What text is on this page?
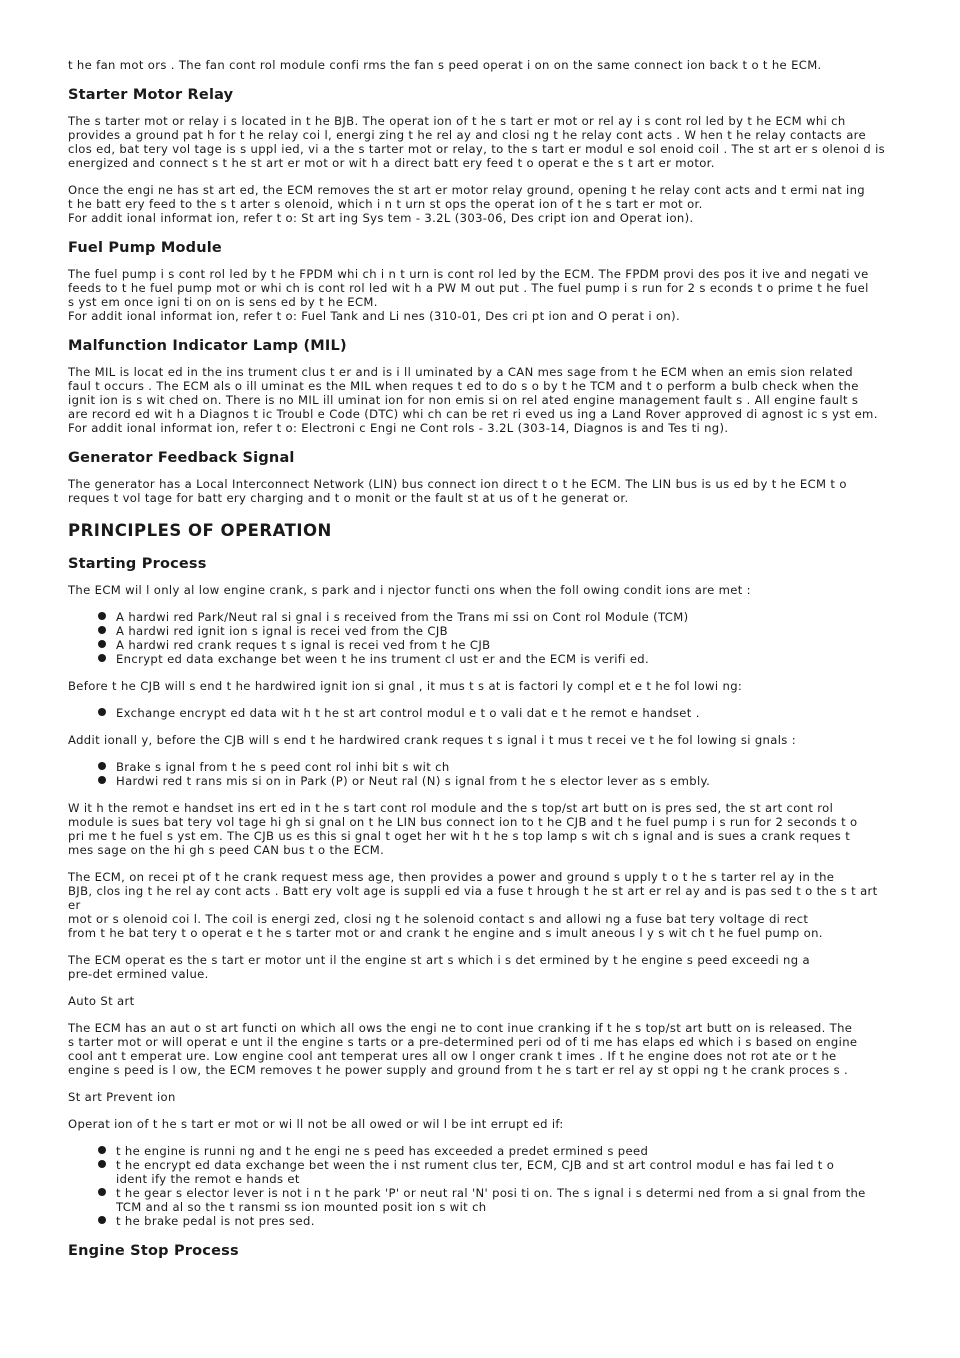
t he fan mot ors . The fan cont rol module confi rms the fan s peed operat i on on the same connect ion back t o t he ECM.

Starter Motor Relay

The s tarter mot or relay i s located in t he BJB. The operat ion of t he s tart er mot or rel ay i s cont rol led by t he ECM whi ch
provides a ground pat h for t he relay coi l, energi zing t he rel ay and closi ng t he relay cont acts . W hen t he relay contacts are
clos ed, bat tery vol tage is s uppl ied, vi a the s tarter mot or relay, to the s tart er modul e sol enoid coil . The st art er s olenoi d is
energized and connect s t he st art er mot or wit h a direct batt ery feed t o operat e the s t art er motor.

Once the engi ne has st art ed, the ECM removes the st art er motor relay ground, opening t he relay cont acts and t ermi nat ing
t he batt ery feed to the s t arter s olenoid, which i n t urn st ops the operat ion of t he s tart er mot or.
For addit ional informat ion, refer t o: St art ing Sys tem - 3.2L (303-06, Des cript ion and Operat ion).

Fuel Pump Module

The fuel pump i s cont rol led by t he FPDM whi ch i n t urn is cont rol led by the ECM. The FPDM provi des pos it ive and negati ve
feeds to t he fuel pump mot or whi ch is cont rol led wit h a PW M out put . The fuel pump i s run for 2 s econds t o prime t he fuel
s yst em once igni ti on on is sens ed by t he ECM.
For addit ional informat ion, refer t o: Fuel Tank and Li nes (310-01, Des cri pt ion and O perat i on).

Malfunction Indicator Lamp (MIL)

The MIL is locat ed in the ins trument clus t er and is i ll uminated by a CAN mes sage from t he ECM when an emis sion related
faul t occurs . The ECM als o ill uminat es the MIL when reques t ed to do s o by t he TCM and t o perform a bulb check when the
ignit ion is s wit ched on. There is no MIL ill uminat ion for non emis si on rel ated engine management fault s . All engine fault s
are record ed wit h a Diagnos t ic Troubl e Code (DTC) whi ch can be ret ri eved us ing a Land Rover approved di agnost ic s yst em.
For addit ional informat ion, refer t o: Electroni c Engi ne Cont rols - 3.2L (303-14, Diagnos is and Tes ti ng).

Generator Feedback Signal

The generator has a Local Interconnect Network (LIN) bus connect ion direct t o t he ECM. The LIN bus is us ed by t he ECM t o
reques t vol tage for batt ery charging and t o monit or the fault st at us of t he generat or.

PRINCIPLES OF OPERATION
Starting Process

The ECM wil l only al low engine crank, s park and i njector functi ons when the foll owing condit ions are met :

A hardwi red Park/Neut ral si gnal i s received from the Trans mi ssi on Cont rol Module (TCM)
A hardwi red ignit ion s ignal is recei ved from the CJB
A hardwi red crank reques t s ignal is recei ved from t he CJB
Encrypt ed data exchange bet ween t he ins trument cl ust er and the ECM is verifi ed.

Before t he CJB will s end t he hardwired ignit ion si gnal , it mus t s at is factori ly compl et e t he fol lowi ng:

Exchange encrypt ed data wit h t he st art control modul e t o vali dat e t he remot e handset .

Addit ionall y, before the CJB will s end t he hardwired crank reques t s ignal i t mus t recei ve t he fol lowing si gnals :

Brake s ignal from t he s peed cont rol inhi bit s wit ch
Hardwi red t rans mis si on in Park (P) or Neut ral (N) s ignal from t he s elector lever as s embly.

W it h the remot e handset ins ert ed in t he s tart cont rol module and the s top/st art butt on is pres sed, the st art cont rol
module is sues bat tery vol tage hi gh si gnal on t he LIN bus connect ion to t he CJB and t he fuel pump i s run for 2 seconds t o
pri me t he fuel s yst em. The CJB us es this si gnal t oget her wit h t he s top lamp s wit ch s ignal and is sues a crank reques t
mes sage on the hi gh s peed CAN bus t o the ECM.

The ECM, on recei pt of t he crank request mess age, then provides a power and ground s upply t o t he s tarter rel ay in the
BJB, clos ing t he rel ay cont acts . Batt ery volt age is suppli ed via a fuse t hrough t he st art er rel ay and is pas sed t o the s t art er
mot or s olenoid coi l. The coil is energi zed, closi ng t he solenoid contact s and allowi ng a fuse bat tery voltage di rect
from t he bat tery t o operat e t he s tarter mot or and crank t he engine and s imult aneous l y s wit ch t he fuel pump on.

The ECM operat es the s tart er motor unt il the engine st art s which i s det ermined by t he engine s peed exceedi ng a
pre-det ermined value.

Auto St art

The ECM has an aut o st art functi on which all ows the engi ne to cont inue cranking if t he s top/st art butt on is released. The
s tarter mot or will operat e unt il the engine s tarts or a pre-determined peri od of ti me has elaps ed which i s based on engine
cool ant t emperat ure. Low engine cool ant temperat ures all ow l onger crank t imes . If t he engine does not rot ate or t he
engine s peed is l ow, the ECM removes t he power supply and ground from t he s tart er rel ay st oppi ng t he crank proces s .

St art Prevent ion

Operat ion of t he s tart er mot or wi ll not be all owed or wil l be int errupt ed if:

t he engine is runni ng and t he engi ne s peed has exceeded a predet ermined s peed
t he encrypt ed data exchange bet ween the i nst rument clus ter, ECM, CJB and st art control modul e has fai led t o
ident ify the remot e hands et
t he gear s elector lever is not i n t he park 'P' or neut ral 'N' posi ti on. The s ignal i s determi ned from a si gnal from the
TCM and al so the t ransmi ss ion mounted posit ion s wit ch
t he brake pedal is not pres sed.
Engine Stop Process
